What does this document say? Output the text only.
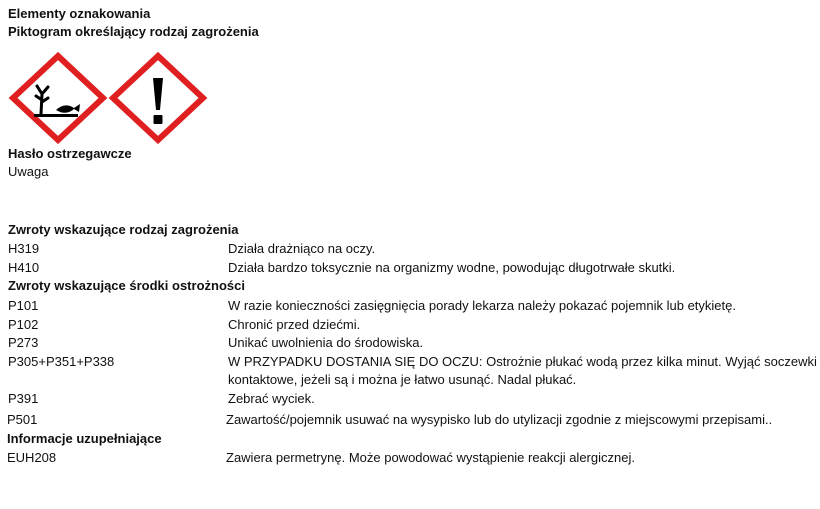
Elementy oznakowania
Piktogram określający rodzaj zagrożenia
Hasło ostrzegawcze
Uwaga
Zwroty wskazujące rodzaj zagrożenia
H319	Działa drażniąco na oczy.
H410	Działa bardzo toksycznie na organizmy wodne, powodując długotrwałe skutki.
Zwroty wskazujące środki ostrożności
P101	W razie konieczności zasięgnięcia porady lekarza należy pokazać pojemnik lub etykietę.
P102	Chronić przed dziećmi.
P273	Unikać uwolnienia do środowiska.
P305+P351+P338	W PRZYPADKU DOSTANIA SIĘ DO OCZU: Ostrożnie płukać wodą przez kilka minut. Wyjąć soczewki
kontaktowe, jeżeli są i można je łatwo usunąć. Nadal płukać.
P391	Zebrać wyciek.
P501	Zawartość/pojemnik usuwać na wysypisko lub do utylizacji zgodnie z miejscowymi przepisami..
Informacje uzupełniające
EUH208	Zawiera permetrynę. Może powodować wystąpienie reakcji alergicznej.
